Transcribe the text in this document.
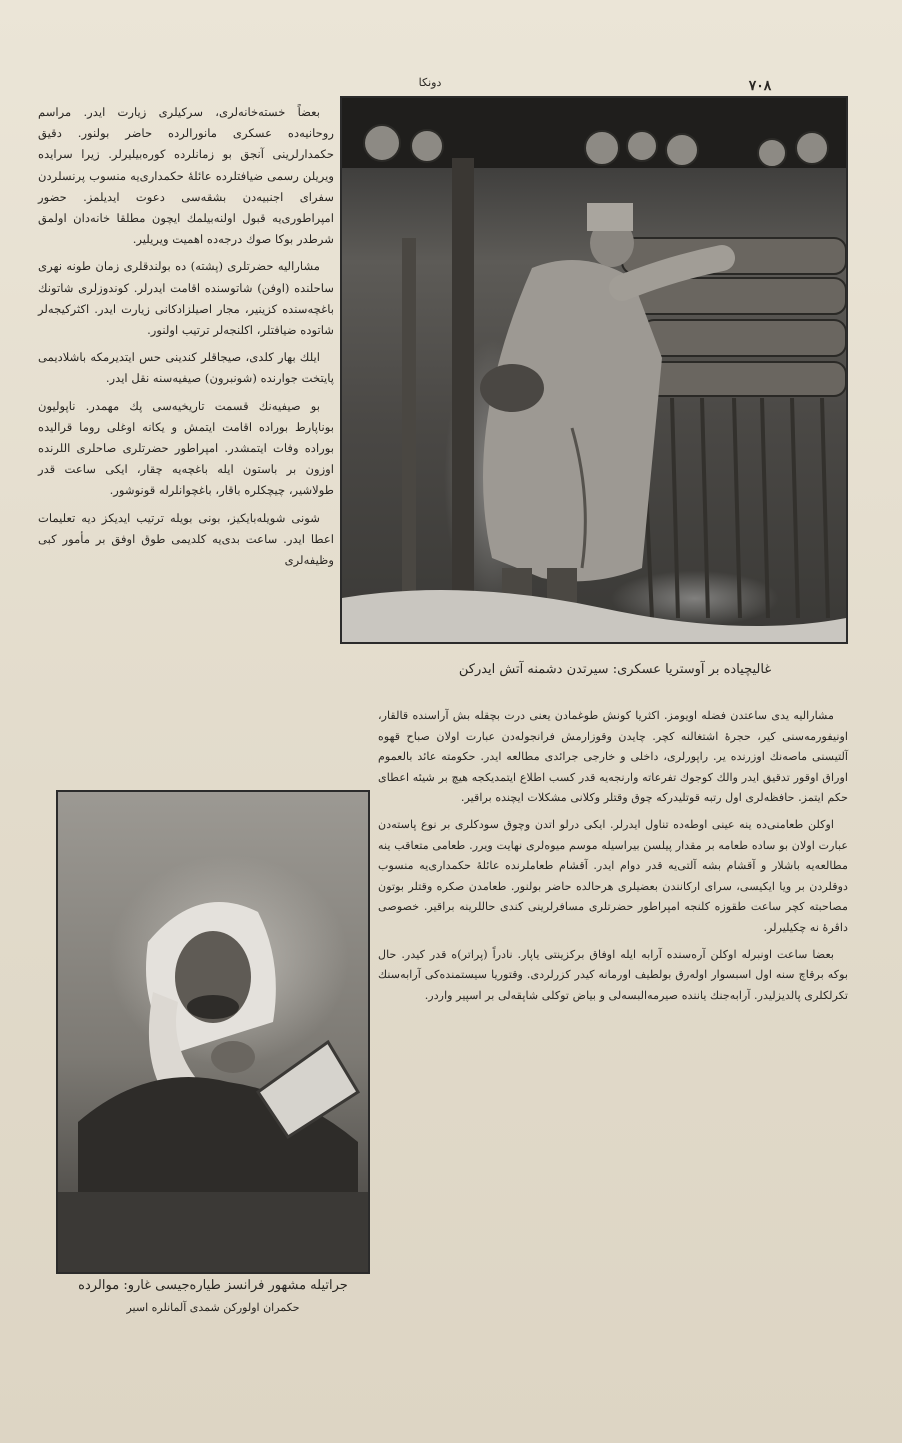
دونکا	٧٠٨
غالیچیاده بر آوستریا عسکری: سیرتدن دشمنه آتش ایدرکن

بعضاً خسته‌خانه‌لری، سرکیلری زیارت ایدر. مراسم روحانیه‌ده عسکری مانورالرده حاضر بولنور. دقیق حکمدارلرینی آنجق بو زمانلرده کوره‌بیلیرلر. زیرا سرایده ویریلن رسمی ضیافتلرده عائلهٔ حکمداری‌یه منسوب پرنسلردن سفرای اجنبیه‌دن بشقه‌سی دعوت ایدیلمز. حضور امپراطوری‌یه قبول اولنه‌بیلمك ایچون مطلقا خانه‌دان اولمق شرطدر بوکا صوك درجه‌ده اهمیت ویریلیر.

مشارالیه حضرتلری (پشته) ده بولندقلری زمان طونه نهری ساحلنده (اوفن) شاتوسنده اقامت ایدرلر. کوندوزلری شاتونك باغچه‌سنده کزینیر، مجار اصیلزادکانی زیارت ایدر. اکثرکیجه‌لر شاتوده ضیافتلر، اکلنجه‌لر ترتیب اولنور.

ایلك بهار کلدی، صیجاقلر کندینی حس ایتدیرمکه باشلادیمی پایتخت جوارنده (شونبرون) صیفیه‌سنه نقل ایدر.

بو صیفیه‌نك قسمت تاریخیه‌سی پك مهمدر. ناپولیون بوناپارط بوراده اقامت ایتمش و یکانه اوغلی روما قرالیده بوراده وفات ایتمشدر. امپراطور حضرتلری صاحلری اللرنده اوزون بر باستون ایله باغچه‌یه چقار، ایکی ساعت قدر طولاشیر، چیچکلره باقار، باغچوانلرله قونوشور.

شونی شویله‌بایکیز، بونی بویله ترتیب ایدیکز دیه تعلیمات اعطا ایدر. ساعت بدی‌یه کلدیمی طوق اوفق بر مأمور کبی وظیفه‌لری

مشارالیه یدی ساعتدن فضله اویومز. اکثریا کونش طوغمادن یعنی درت بچقله بش آراسنده قالقار، اونیفورمه‌سنی کیر، حجرهٔ اشتغالنه کچر. چایدن وقوزارمش فرانجوله‌دن عبارت اولان صباح قهوه آلتیسنی ماصه‌نك اوزرنده یر. راپورلری، داخلی و خارجی جرائدی مطالعه ایدر. حکومته عائد بالعموم اوراق اوقور تدقیق ایدر والك کوجوك تفرعاته وارنجه‌یه قدر کسب اطلاع ایتمدیکجه هیچ بر شیئه اعطای حکم ایتمز. حافظه‌لری اول رتبه قوتلیدرکه چوق وقتلر وکلانی مشکلات ایچنده براقیر.

اوکلن طعامنی‌ده ینه عینی اوطه‌ده تناول ایدرلر. ایکی درلو اتدن وچوق سودکلری بر نوع پاسته‌دن عبارت اولان بو ساده طعامه بر مقدار پیلسن بیراسیله موسم میوه‌لری نهایت ویرر. طعامی متعاقب ینه مطالعه‌یه باشلار و آقشام بشه آلتی‌یه قدر دوام ایدر. آقشام طعاملرنده عائلهٔ حکمداری‌یه منسوب دوقلردن بر ویا ایکیسی، سرای ارکانندن بعضیلری هرحالده حاضر بولنور. طعامدن صکره وقتلر بوتون مصاحبته کچر ساعت طقوزه کلنجه امپراطور حضرتلری مسافرلرینی کندی حاللرینه براقیر. خصوصی داڤرهٔ نه چکیلیرلر.

بعضا ساعت اونبرله اوکلن آرەسنده آرابه ایله اوفاق برکزینتی یاپار. نادراً (پراتر)ه قدر کیدر. حال بوکه برقاچ سنه اول اسبسوار اولەرق بولطیف اورمانه کیدر کزرلردی. وقتوریا سیستمنده‌کی آرابه‌سنك تکرلکلری پالدیزلیدر. آرابه‌جنك یانندە صیرمەالبسەلی و بیاض توکلی شاپقەلی بر اسپیر واردر.

جراتیله مشهور فرانسز طیاره‌جیسی غارو: موالرده
حکمران اولورکن شمدی آلمانلره اسیر
